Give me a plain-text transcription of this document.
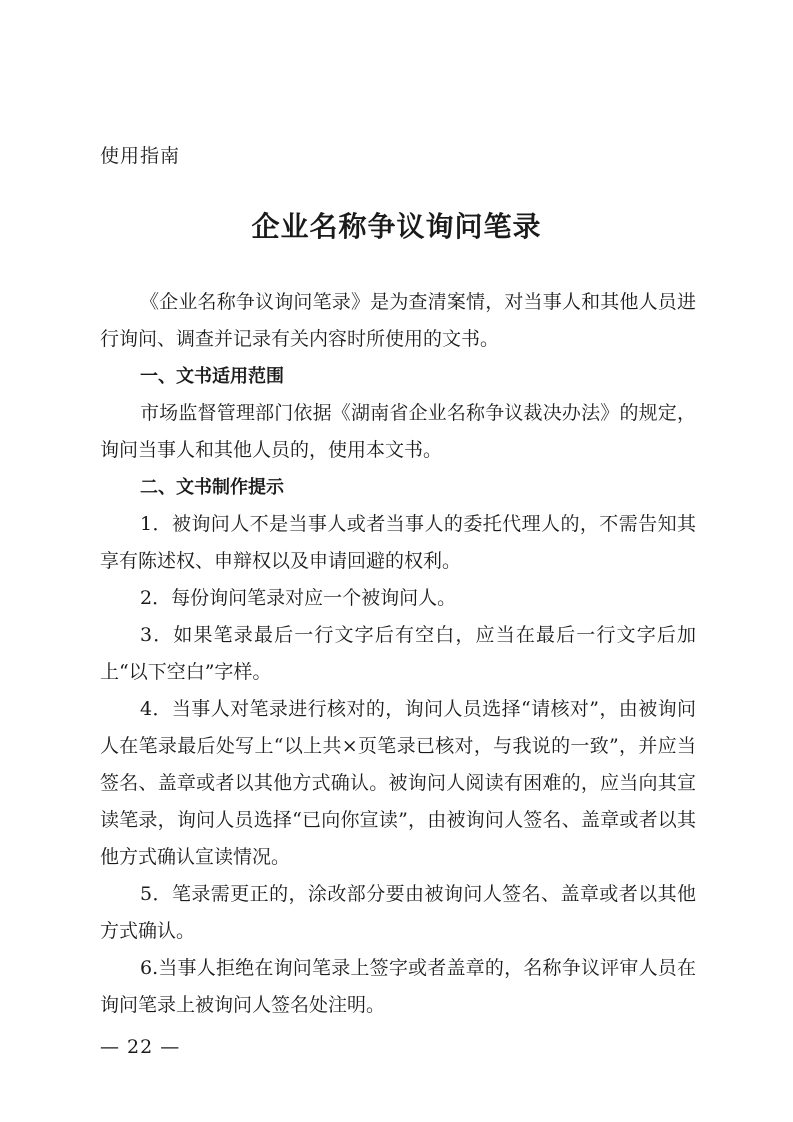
使用指南
企业名称争议询问笔录

《企业名称争议询问笔录》是为查清案情，对当事人和其他人员进行询问、调查并记录有关内容时所使用的文书。

一、文书适用范围

市场监督管理部门依据《湖南省企业名称争议裁决办法》的规定，询问当事人和其他人员的，使用本文书。

二、文书制作提示

1．被询问人不是当事人或者当事人的委托代理人的，不需告知其享有陈述权、申辩权以及申请回避的权利。

2．每份询问笔录对应一个被询问人。

3．如果笔录最后一行文字后有空白，应当在最后一行文字后加上“以下空白”字样。

4．当事人对笔录进行核对的，询问人员选择“请核对”，由被询问人在笔录最后处写上“以上共×页笔录已核对，与我说的一致”，并应当签名、盖章或者以其他方式确认。被询问人阅读有困难的，应当向其宣读笔录，询问人员选择“已向你宣读”，由被询问人签名、盖章或者以其他方式确认宣读情况。

5．笔录需更正的，涂改部分要由被询问人签名、盖章或者以其他方式确认。

6.当事人拒绝在询问笔录上签字或者盖章的，名称争议评审人员在询问笔录上被询问人签名处注明。

— 22 —
